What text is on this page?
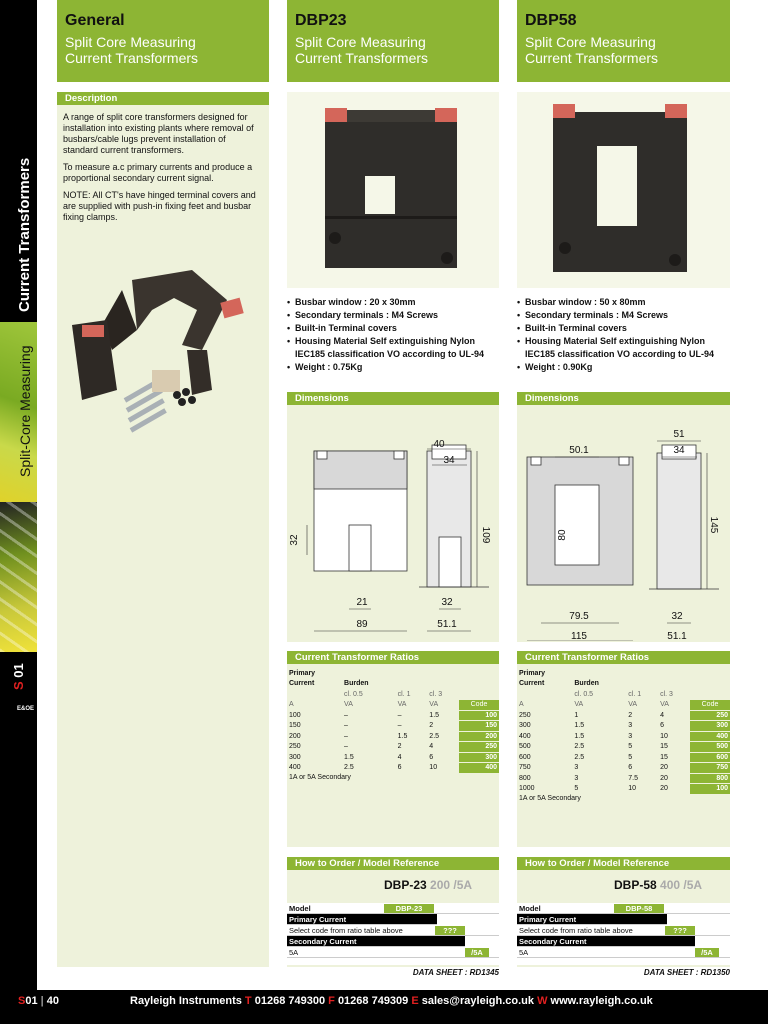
Current Transformers
Split-Core Measuring
S 01
E&OE
General
Split Core Measuring
Current Transformers
Description

A range of split core transformers designed for installation into existing plants where removal of busbars/cable lugs prevent installation of standard current transformers.

To measure a.c primary currents and produce a proportional secondary current signal.

NOTE: All CT's have hinged terminal covers and are supplied with push-in fixing feet and busbar fixing clamps.

DBP23
Split Core Measuring
Current Transformers
• Busbar window : 20 x 30mm
• Secondary terminals : M4 Screws
• Built-in Terminal covers
• Housing Material Self extinguishing Nylon IEC185 classification VO according to UL-94
• Weight : 0.75Kg
Dimensions
40
34
109
32
21
89
32
51.1
Current Transformer Ratios
Primary				
Current	Burden			
	cl. 0.5	cl. 1	cl. 3	
A	VA	VA	VA	Code
100	–	–	1.5	100
150	–	–	2	150
200	–	1.5	2.5	200
250	–	2	4	250
300	1.5	4	6	300
400	2.5	6	10	400
1A or 5A Secondary
How to Order / Model Reference
DBP-23 200 /5A
Model	DBP-23
Primary Current
Select code from ratio table above	???
Secondary Current
5A	/5A
DATA SHEET : RD1345
DBP58
Split Core Measuring
Current Transformers
• Busbar window : 50 x 80mm
• Secondary terminals : M4 Screws
• Built-in Terminal covers
• Housing Material Self extinguishing Nylon IEC185 classification VO according to UL-94
• Weight : 0.90Kg
Dimensions
51
34
50.1
80
145
79.5
115
32
51.1
Current Transformer Ratios
Primary				
Current	Burden			
	cl. 0.5	cl. 1	cl. 3	
A	VA	VA	VA	Code
250	1	2	4	250
300	1.5	3	6	300
400	1.5	3	10	400
500	2.5	5	15	500
600	2.5	5	15	600
750	3	6	20	750
800	3	7.5	20	800
1000	5	10	20	100
1A or 5A Secondary
How to Order / Model Reference
DBP-58 400 /5A
Model	DBP-58
Primary Current
Select code from ratio table above	???
Secondary Current
5A	/5A
DATA SHEET : RD1350
S01 | 40	Rayleigh Instruments T 01268 749300 F 01268 749309 E sales@rayleigh.co.uk W www.rayleigh.co.uk
